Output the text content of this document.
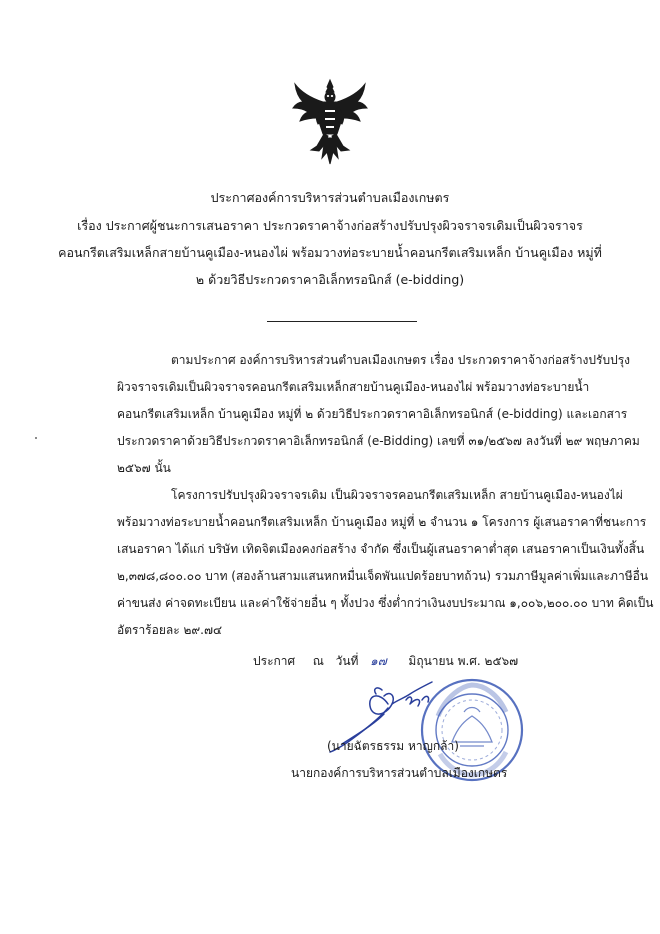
ประกาศองค์การบริหารส่วนตำบลเมืองเกษตร
เรื่อง ประกาศผู้ชนะการเสนอราคา ประกวดราคาจ้างก่อสร้างปรับปรุงผิวจราจรเดิมเป็นผิวจราจร
คอนกรีตเสริมเหล็กสายบ้านคูเมือง-หนองไผ่ พร้อมวางท่อระบายน้ำคอนกรีตเสริมเหล็ก บ้านคูเมือง หมู่ที่
๒ ด้วยวิธีประกวดราคาอิเล็กทรอนิกส์ (e-bidding)
ตามประกาศ องค์การบริหารส่วนตำบลเมืองเกษตร เรื่อง ประกวดราคาจ้างก่อสร้างปรับปรุง
ผิวจราจรเดิมเป็นผิวจราจรคอนกรีตเสริมเหล็กสายบ้านคูเมือง-หนองไผ่ พร้อมวางท่อระบายน้ำ
คอนกรีตเสริมเหล็ก บ้านคูเมือง หมู่ที่ ๒ ด้วยวิธีประกวดราคาอิเล็กทรอนิกส์ (e-bidding) และเอกสาร
ประกวดราคาด้วยวิธีประกวดราคาอิเล็กทรอนิกส์ (e-Bidding) เลขที่ ๓๑/๒๕๖๗ ลงวันที่ ๒๙ พฤษภาคม
๒๕๖๗ นั้น
โครงการปรับปรุงผิวจราจรเดิม เป็นผิวจราจรคอนกรีตเสริมเหล็ก สายบ้านคูเมือง-หนองไผ่
พร้อมวางท่อระบายน้ำคอนกรีตเสริมเหล็ก บ้านคูเมือง หมู่ที่ ๒ จำนวน ๑ โครงการ ผู้เสนอราคาที่ชนะการ
เสนอราคา ได้แก่ บริษัท เทิดจิตเมืองคงก่อสร้าง จำกัด ซึ่งเป็นผู้เสนอราคาต่ำสุด เสนอราคาเป็นเงินทั้งสิ้น
๒,๓๗๘,๘๐๐.๐๐ บาท (สองล้านสามแสนหกหมื่นเจ็ดพันแปดร้อยบาทถ้วน) รวมภาษีมูลค่าเพิ่มและภาษีอื่น
ค่าขนส่ง ค่าจดทะเบียน และค่าใช้จ่ายอื่น ๆ ทั้งปวง ซึ่งต่ำกว่าเงินงบประมาณ ๑,๐๐๖,๒๐๐.๐๐ บาท คิดเป็น
อัตราร้อยละ ๒๙.๗๔
ประกาศ ณ วันที่ ๑๗ มิถุนายน พ.ศ. ๒๕๖๗
(นายฉัตรธรรม หาญกล้า)
นายกองค์การบริหารส่วนตำบลเมืองเกษตร
